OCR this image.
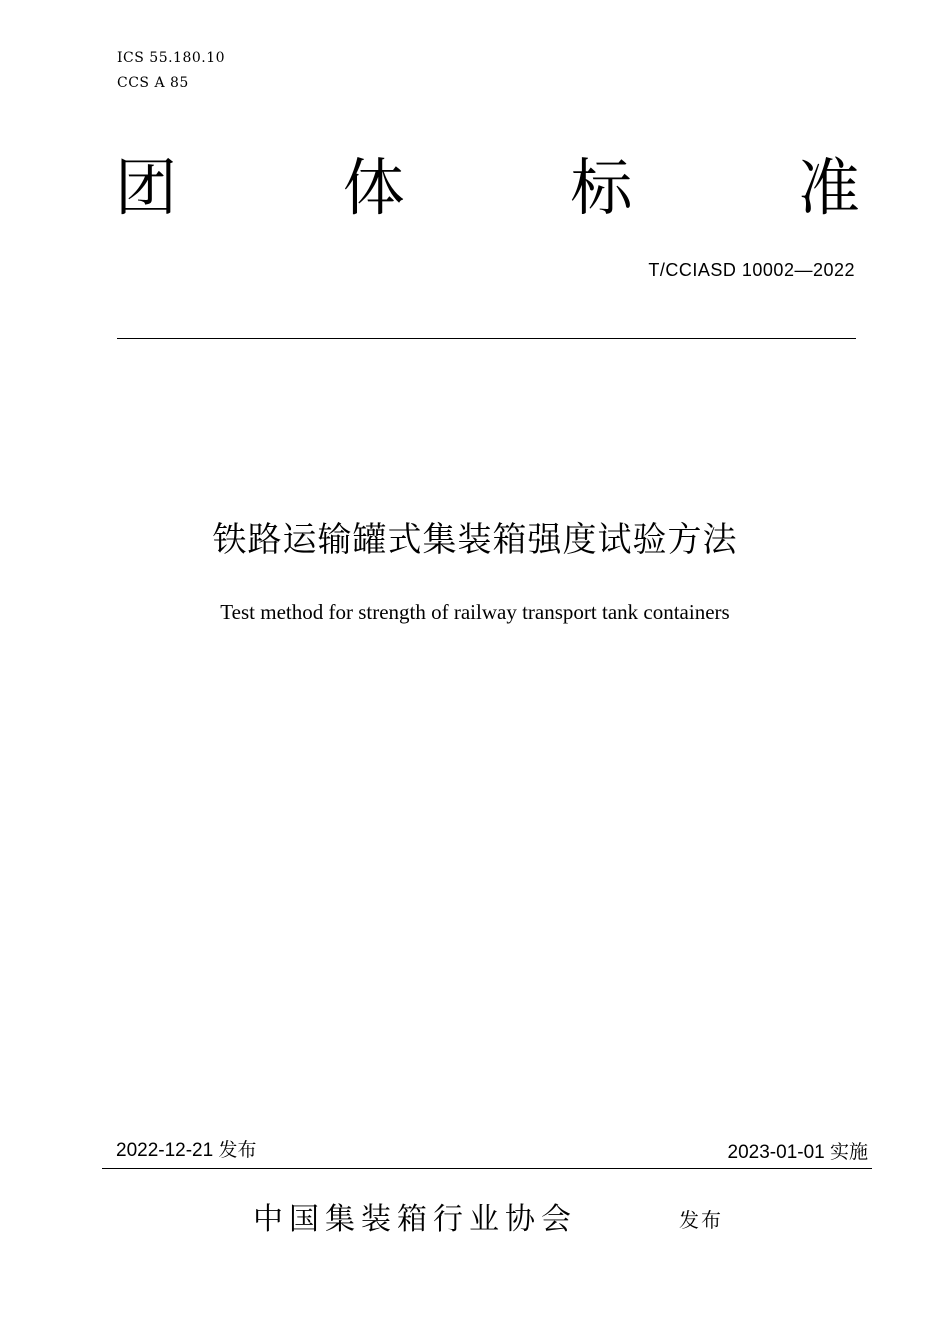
ICS 55.180.10
CCS A 85
团	体	标	准
T/CCIASD 10002—2022
铁路运输罐式集装箱强度试验方法
Test method for strength of railway transport tank containers
2022-12-21 发布	2023-01-01 实施
中国集装箱行业协会	发布
